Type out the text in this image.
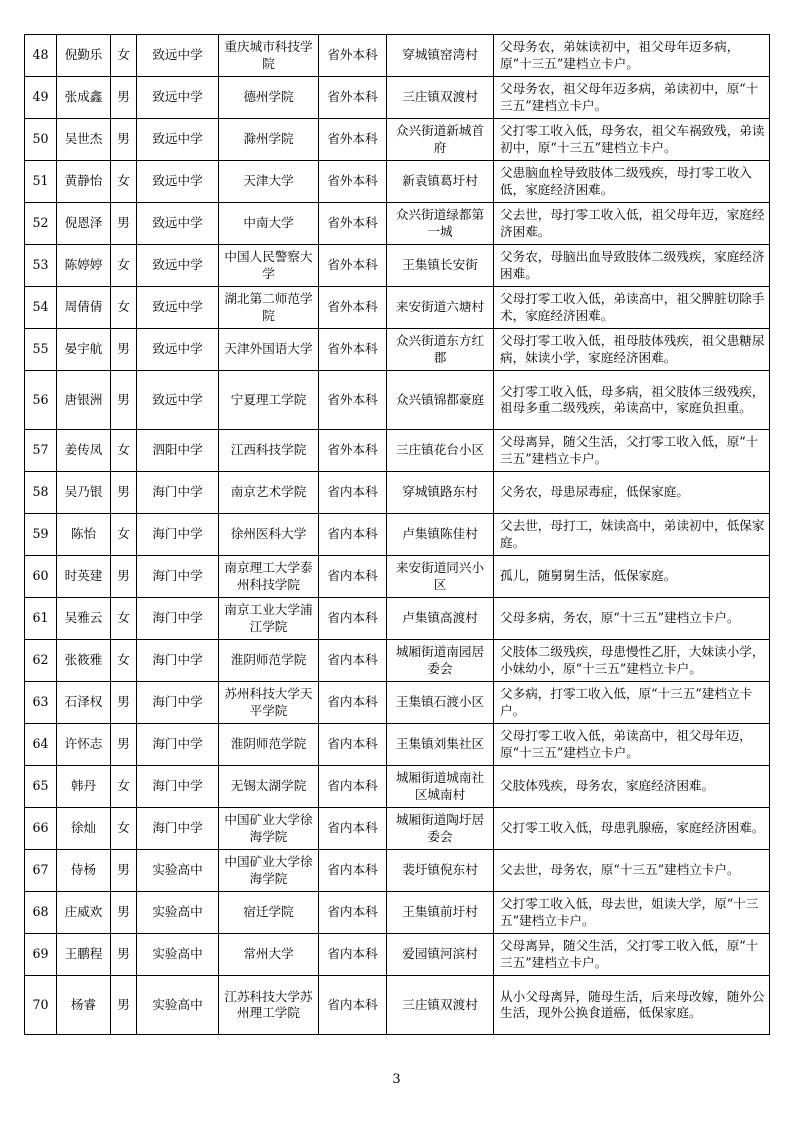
48	倪勤乐	女	致远中学	重庆城市科技学院	省外本科	穿城镇窑湾村	父母务农，弟妹读初中，祖父母年迈多病，原“十三五”建档立卡户。
49	张成鑫	男	致远中学	德州学院	省外本科	三庄镇双渡村	父母务农，祖父母年迈多病，弟读初中，原“十三五”建档立卡户。
50	吴世杰	男	致远中学	滁州学院	省外本科	众兴街道新城首府	父打零工收入低，母务农，祖父车祸致残，弟读初中，原“十三五”建档立卡户。
51	黄静怡	女	致远中学	天津大学	省外本科	新袁镇葛圩村	父患脑血栓导致肢体二级残疾，母打零工收入低，家庭经济困难。
52	倪恩泽	男	致远中学	中南大学	省外本科	众兴街道绿都第一城	父去世，母打零工收入低，祖父母年迈，家庭经济困难。
53	陈婷婷	女	致远中学	中国人民警察大学	省外本科	王集镇长安街	父务农，母脑出血导致肢体二级残疾，家庭经济困难。
54	周倩倩	女	致远中学	湖北第二师范学院	省外本科	来安街道六塘村	父母打零工收入低，弟读高中，祖父脾脏切除手术，家庭经济困难。
55	晏宇航	男	致远中学	天津外国语大学	省外本科	众兴街道东方红郡	父母打零工收入低，祖母肢体残疾，祖父患糖尿病，妹读小学，家庭经济困难。
56	唐银洲	男	致远中学	宁夏理工学院	省外本科	众兴镇锦都豪庭	父打零工收入低，母多病，祖父肢体三级残疾，祖母多重二级残疾，弟读高中，家庭负担重。
57	姜传凤	女	泗阳中学	江西科技学院	省外本科	三庄镇花台小区	父母离异，随父生活，父打零工收入低，原“十三五”建档立卡户。
58	吴乃银	男	海门中学	南京艺术学院	省内本科	穿城镇路东村	父务农，母患尿毒症，低保家庭。
59	陈怡	女	海门中学	徐州医科大学	省内本科	卢集镇陈佳村	父去世，母打工，妹读高中，弟读初中，低保家庭。
60	时英建	男	海门中学	南京理工大学泰州科技学院	省内本科	来安街道同兴小区	孤儿，随舅舅生活，低保家庭。
61	吴雅云	女	海门中学	南京工业大学浦江学院	省内本科	卢集镇高渡村	父母多病，务农，原“十三五”建档立卡户。
62	张筱雅	女	海门中学	淮阴师范学院	省内本科	城厢街道南园居委会	父肢体二级残疾，母患慢性乙肝，大妹读小学，小妹幼小，原“十三五”建档立卡户。
63	石泽权	男	海门中学	苏州科技大学天平学院	省内本科	王集镇石渡小区	父多病，打零工收入低，原“十三五”建档立卡户。
64	许怀志	男	海门中学	淮阴师范学院	省内本科	王集镇刘集社区	父母打零工收入低，弟读高中，祖父母年迈，原“十三五”建档立卡户。
65	韩丹	女	海门中学	无锡太湖学院	省内本科	城厢街道城南社区城南村	父肢体残疾，母务农，家庭经济困难。
66	徐灿	女	海门中学	中国矿业大学徐海学院	省内本科	城厢街道陶圩居委会	父打零工收入低，母患乳腺癌，家庭经济困难。
67	侍杨	男	实验高中	中国矿业大学徐海学院	省内本科	裴圩镇倪东村	父去世，母务农，原“十三五”建档立卡户。
68	庄威欢	男	实验高中	宿迁学院	省内本科	王集镇前圩村	父打零工收入低，母去世，姐读大学，原“十三五”建档立卡户。
69	王鹏程	男	实验高中	常州大学	省内本科	爱园镇河滨村	父母离异，随父生活，父打零工收入低，原“十三五”建档立卡户。
70	杨睿	男	实验高中	江苏科技大学苏州理工学院	省内本科	三庄镇双渡村	从小父母离异，随母生活，后来母改嫁，随外公生活，现外公换食道癌，低保家庭。
3
